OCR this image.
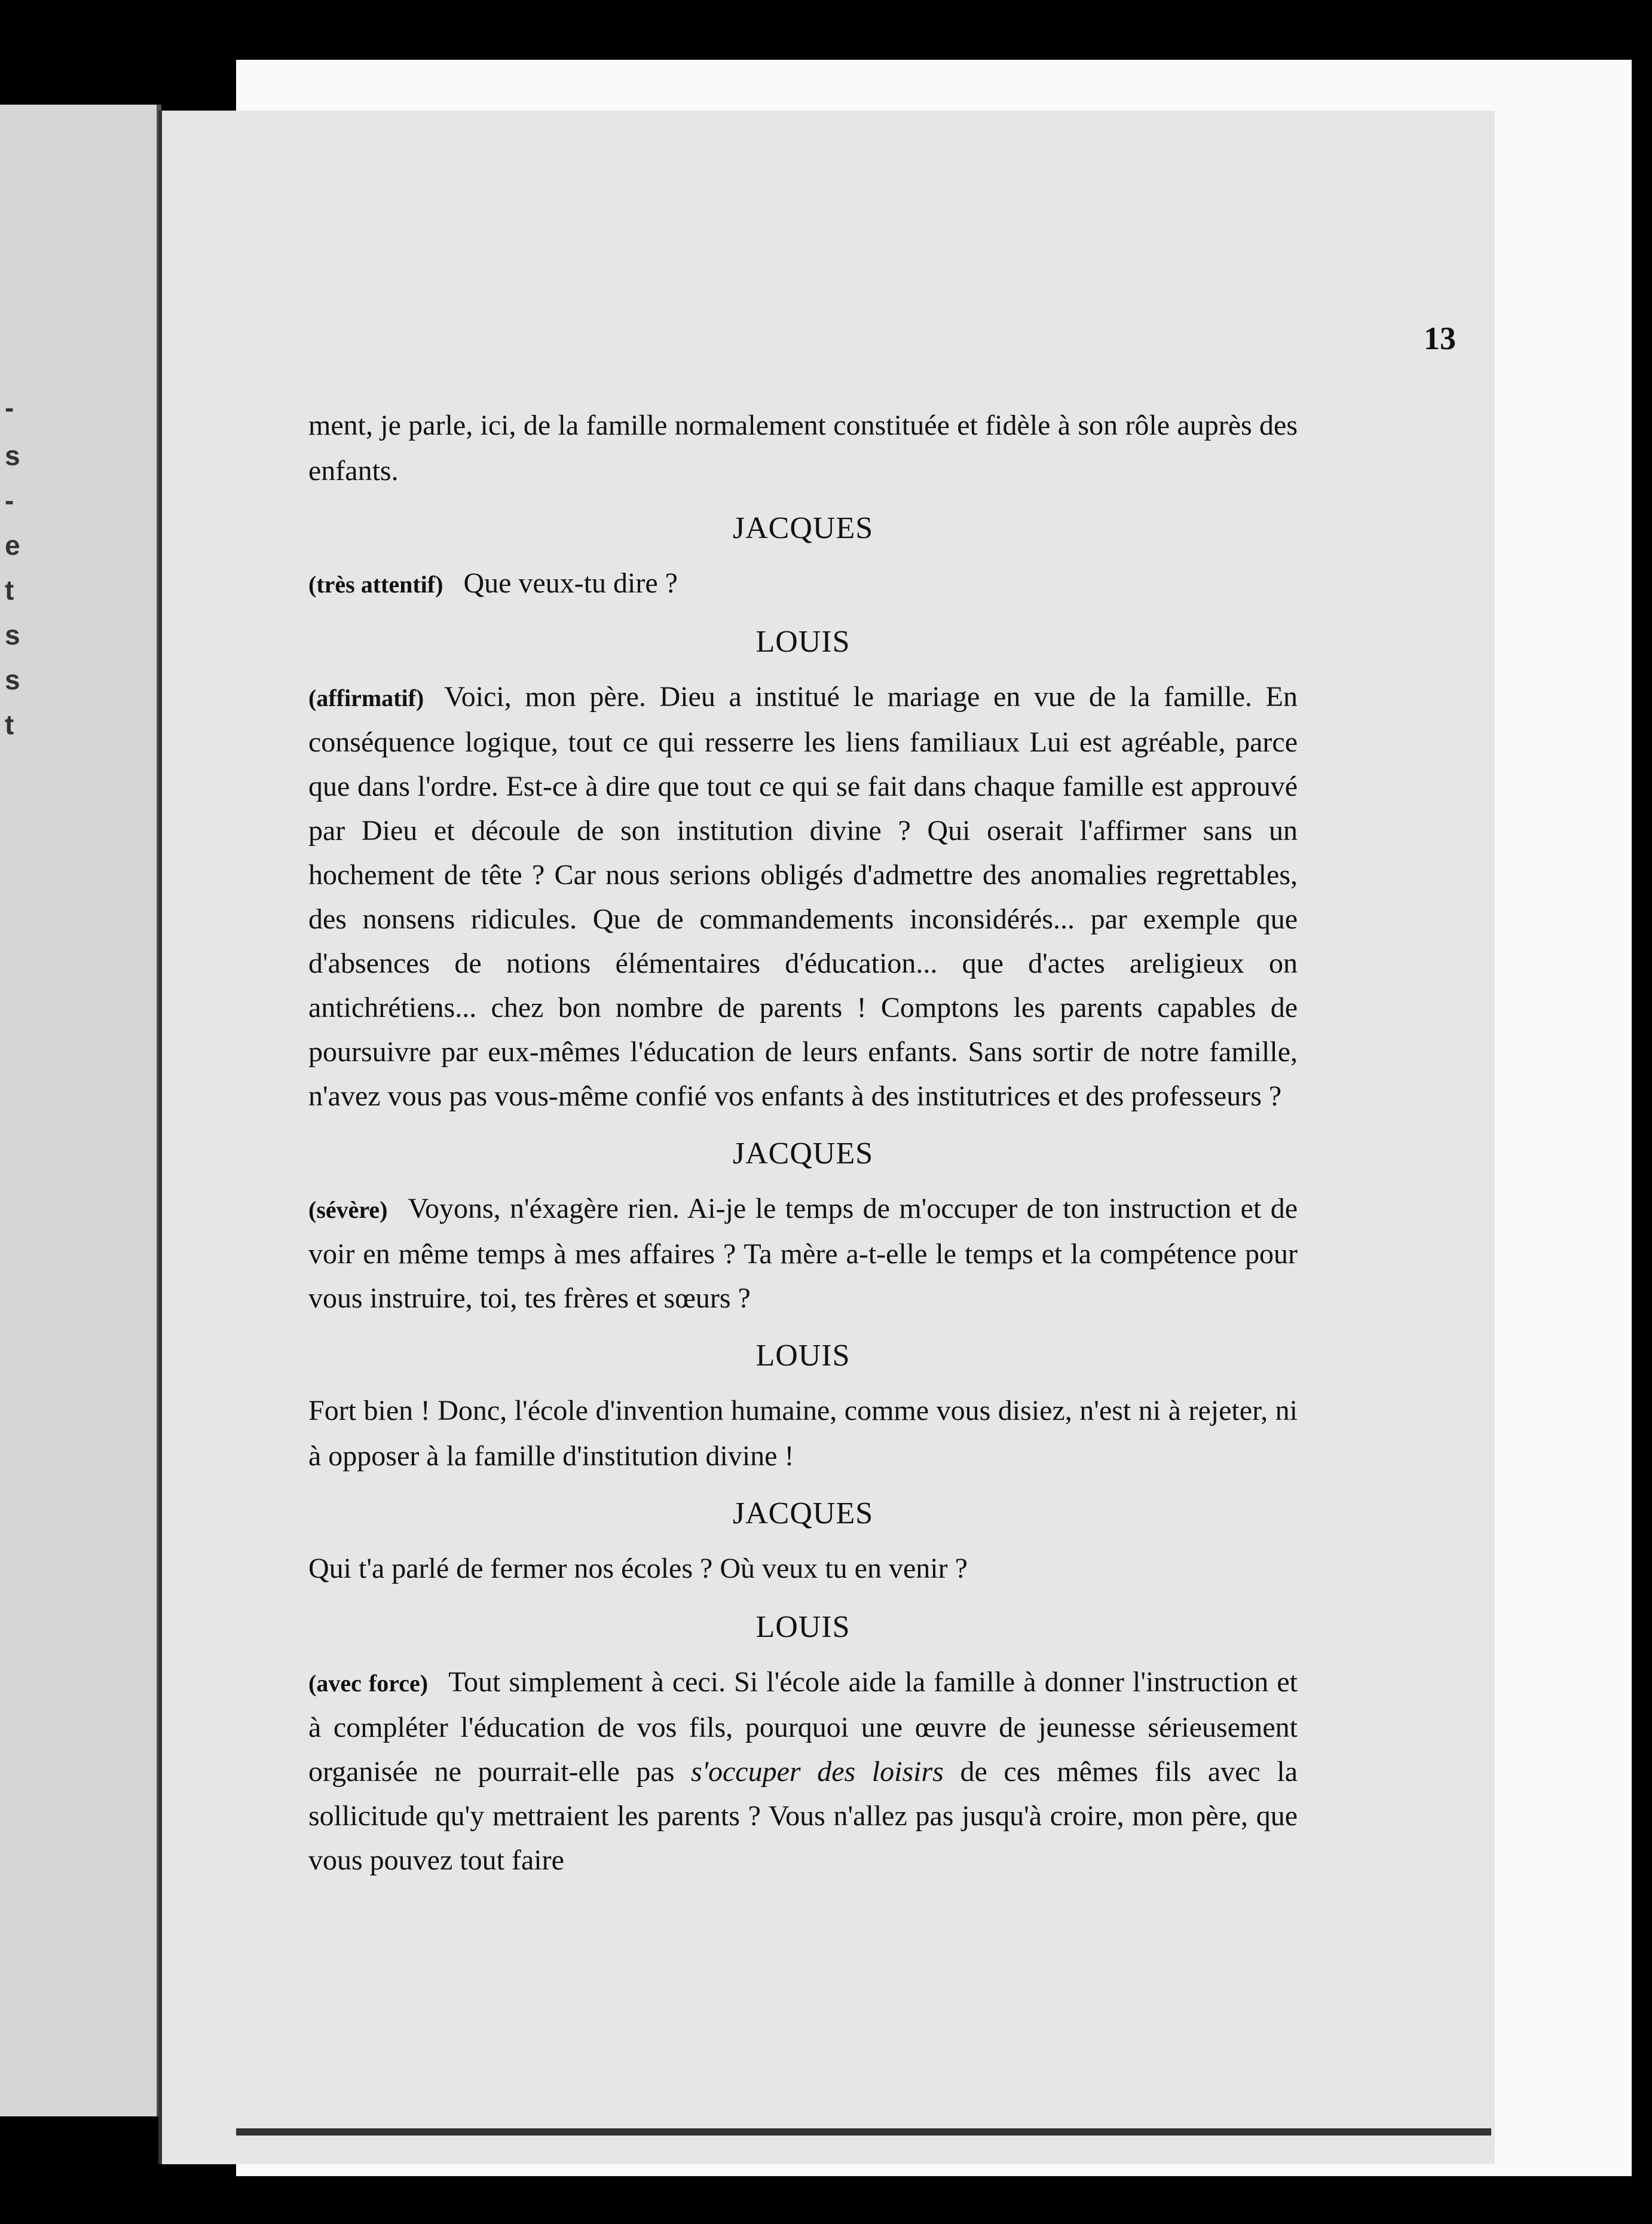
-
s
-
e
t
s
s
t
13

ment, je parle, ici, de la famille normalement constituée et fidèle à son rôle auprès des enfants.

JACQUES

(très attentif) Que veux-tu dire ?

LOUIS

(affirmatif) Voici, mon père. Dieu a institué le mariage en vue de la famille. En conséquence logique, tout ce qui resserre les liens familiaux Lui est agréable, parce que dans l'ordre. Est-ce à dire que tout ce qui se fait dans chaque famille est approuvé par Dieu et découle de son institution divine ? Qui oserait l'affirmer sans un hochement de tête ? Car nous serions obligés d'admettre des anomalies regrettables, des nonsens ridicules. Que de commandements inconsidérés... par exemple que d'absences de notions élémentaires d'éducation... que d'actes areligieux on antichrétiens... chez bon nombre de parents ! Comptons les parents capables de poursuivre par eux-mêmes l'éducation de leurs enfants. Sans sortir de notre famille, n'avez vous pas vous-même confié vos enfants à des institutrices et des professeurs ?

JACQUES

(sévère) Voyons, n'éxagère rien. Ai-je le temps de m'occuper de ton instruction et de voir en même temps à mes affaires ? Ta mère a-t-elle le temps et la compétence pour vous instruire, toi, tes frères et sœurs ?

LOUIS

Fort bien ! Donc, l'école d'invention humaine, comme vous disiez, n'est ni à rejeter, ni à opposer à la famille d'institution divine !

JACQUES

Qui t'a parlé de fermer nos écoles ? Où veux tu en venir ?

LOUIS

(avec force) Tout simplement à ceci. Si l'école aide la famille à donner l'instruction et à compléter l'éducation de vos fils, pourquoi une œuvre de jeunesse sérieusement organisée ne pourrait-elle pas s'occuper des loisirs de ces mêmes fils avec la sollicitude qu'y mettraient les parents ? Vous n'allez pas jusqu'à croire, mon père, que vous pouvez tout faire
